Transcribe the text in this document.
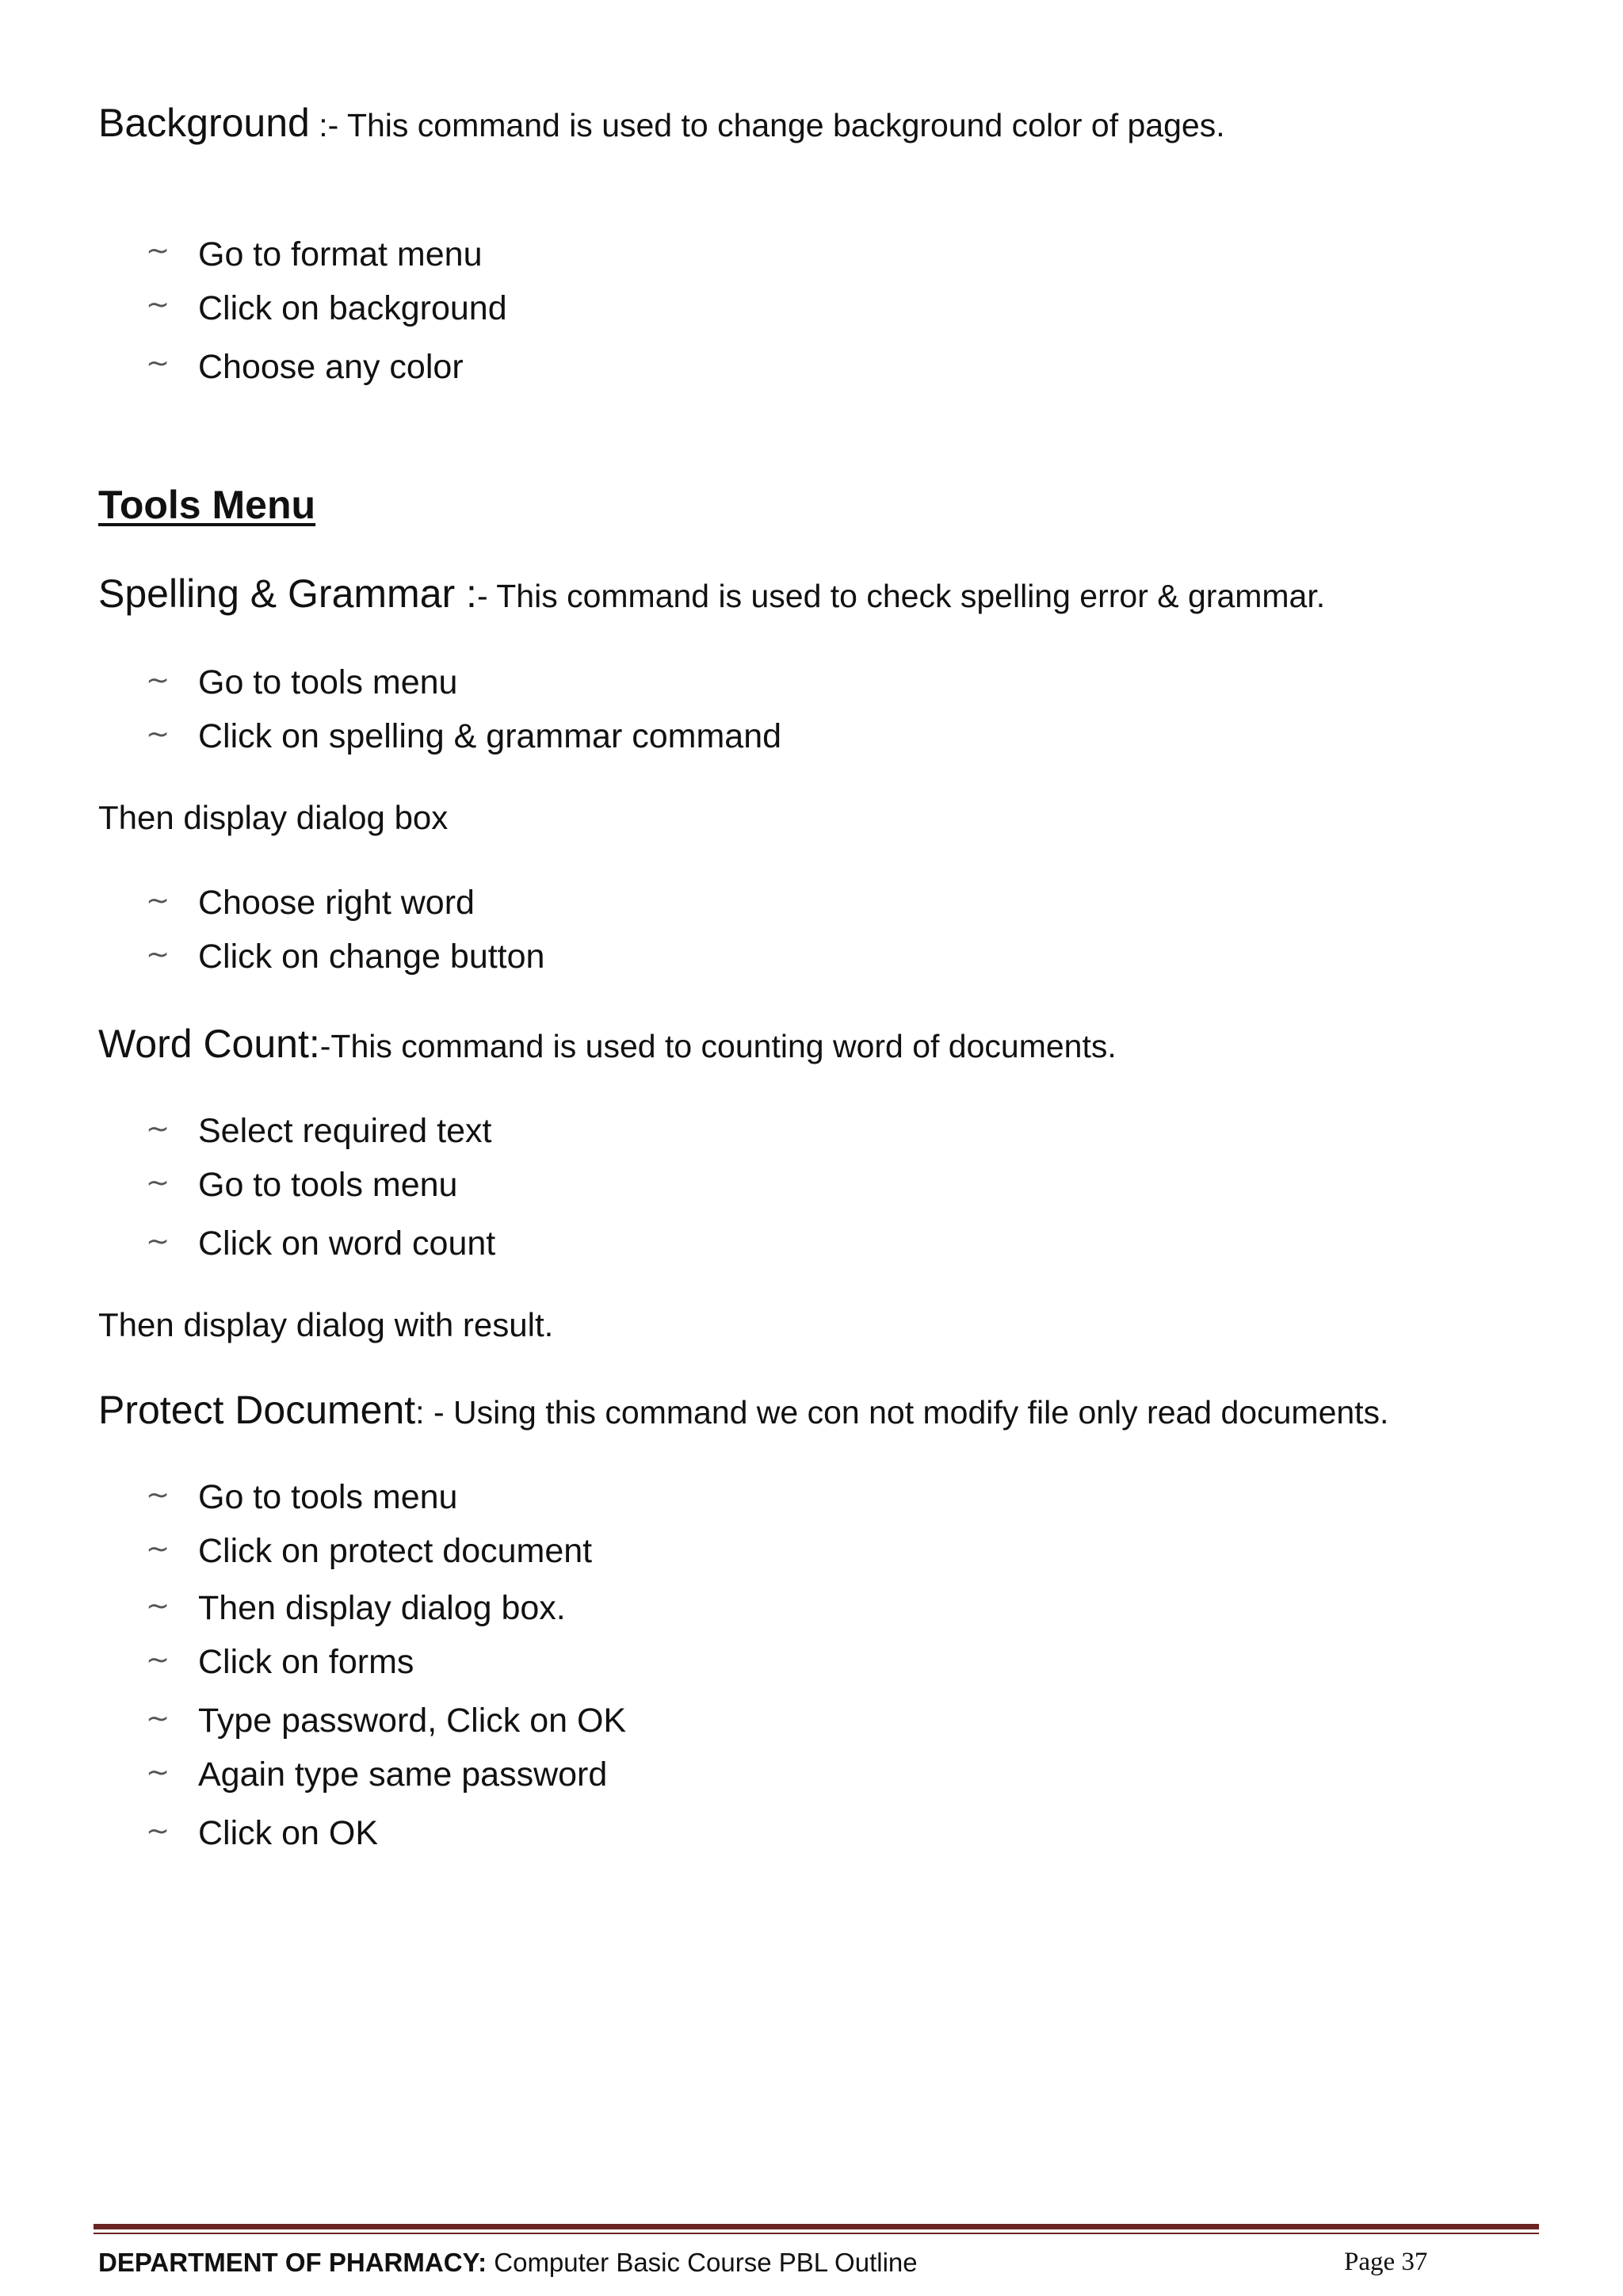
Background :- This command is used to change background color of pages.
~ Go to format menu
~ Click on background
~ Choose any color
Tools Menu
Spelling & Grammar :- This command is used to check spelling error & grammar.
~ Go to tools menu
~ Click on spelling & grammar command
Then display dialog box
~ Choose right word
~ Click on change button
Word Count:-This command is used to counting word of documents.
~ Select required text
~ Go to tools menu
~ Click on word count
Then display dialog with result.
Protect Document: - Using this command we con not modify file only read documents.
~ Go to tools menu
~ Click on protect document
~ Then display dialog box.
~ Click on forms
~ Type password, Click on OK
~ Again type same password
~ Click on OK
DEPARTMENT OF PHARMACY: Computer Basic Course PBL Outline	Page 37
